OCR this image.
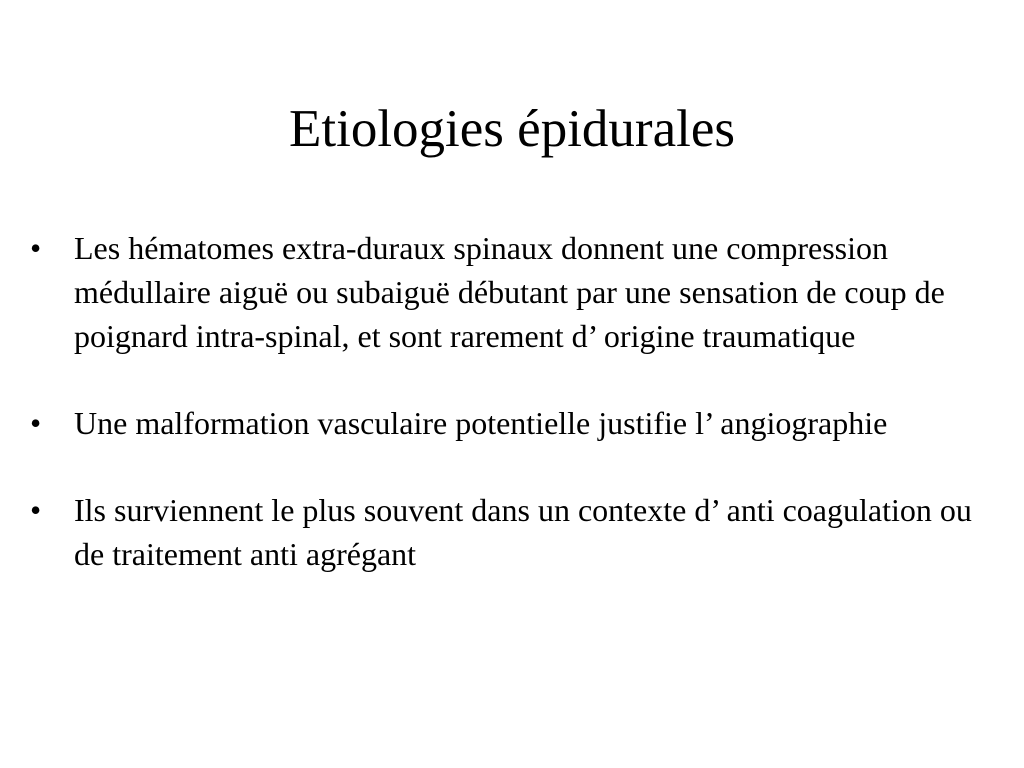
Etiologies épidurales
•	Les hématomes extra-duraux spinaux donnent une compression médullaire aiguë ou subaiguë débutant par une sensation de coup de poignard intra-spinal, et sont rarement d’ origine traumatique
•	Une malformation vasculaire potentielle justifie l’ angiographie
•	Ils surviennent le plus souvent dans un contexte d’ anti coagulation ou de traitement anti agrégant
